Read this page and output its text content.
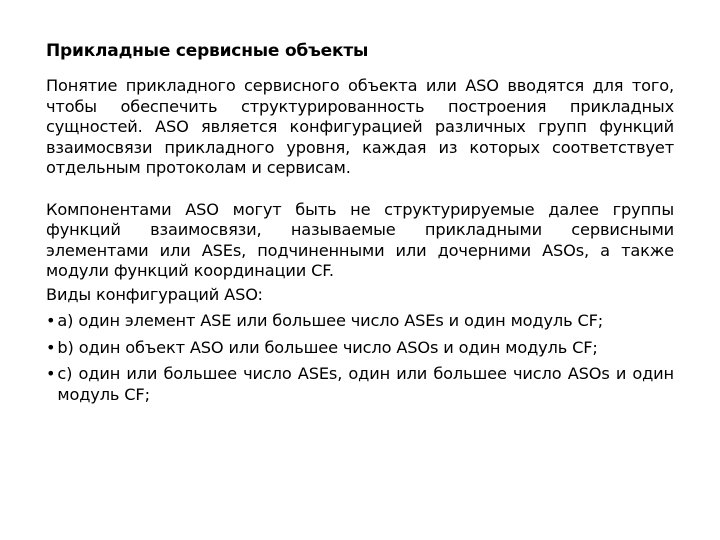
Прикладные сервисные объекты

Понятие прикладного сервисного объекта или ASO вводятся для того, чтобы обеспечить структурированность построения прикладных сущностей. ASO является конфигурацией различных групп функций взаимосвязи прикладного уровня, каждая из которых соответствует отдельным протоколам и сервисам.

Компонентами ASO могут быть не структурируемые далее группы функций взаимосвязи, называемые прикладными сервисными элементами или ASEs, подчиненными или дочерними ASOs, а также модули функций координации CF.

Виды конфигураций ASO:

• а) один элемент ASE или большее число ASEs и один модуль CF;
• b) один объект ASO или большее число ASOs и один модуль CF;
• с) один или большее число ASEs, один или большее число ASOs и один модуль CF;
